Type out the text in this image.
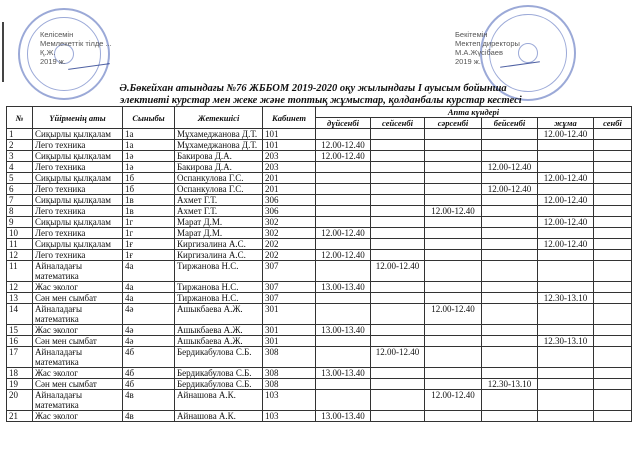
Келісемін
Мемлекеттік тілде ...
Қ.Ж.
2019 ж.
Бекітемін
Мектеп директоры
М.А.Жүсібаев
2019 ж.
Ә.Бөкейхан атындағы №76 ЖББОМ 2019-2020 оқу жылындағы I ауысым бойынша
элективті курстар мен жеке және топтық жұмыстар, қолданбалы курстар кестесі
№	Үйірменің аты	Сыныбы	Жетекшісі	Кабинет	Апта күндері					
					дүйсенбі	сейсенбі	сәрсенбі	бейсенбі	жұма	сенбі
1	Сиқырлы қылқалам	1а	Мұхамеджанова Д.Т.	101					12.00-12.40	
2	Лего техника	1а	Мұхамеджанова Д.Т.	101	12.00-12.40					
3	Сиқырлы қылқалам	1ә	Бакирова Д.А.	203	12.00-12.40					
4	Лего техника	1ә	Бакирова Д.А.	203				12.00-12.40		
5	Сиқырлы қылқалам	1б	Оспанкулова Г.С.	201					12.00-12.40	
6	Лего техника	1б	Оспанкулова Г.С.	201				12.00-12.40		
7	Сиқырлы қылқалам	1в	Ахмет Г.Т.	306					12.00-12.40	
8	Лего техника	1в	Ахмет Г.Т.	306			12.00-12.40			
9	Сиқырлы қылқалам	1г	Марат Д.М.	302					12.00-12.40	
10	Лего техника	1г	Марат Д.М.	302	12.00-12.40					
11	Сиқырлы қылқалам	1ғ	Киргизалина А.С.	202					12.00-12.40	
12	Лего техника	1ғ	Киргизалина А.С.	202	12.00-12.40					
11	Айналадағы математика	4а	Тиржанова Н.С.	307		12.00-12.40				
12	Жас эколог	4а	Тиржанова Н.С.	307	13.00-13.40					
13	Сән мен сымбат	4а	Тиржанова Н.С.	307					12.30-13.10	
14	Айналадағы математика	4ә	Ашыкбаева А.Ж.	301			12.00-12.40			
15	Жас эколог	4ә	Ашыкбаева А.Ж.	301	13.00-13.40					
16	Сән мен сымбат	4ә	Ашыкбаева А.Ж.	301					12.30-13.10	
17	Айналадағы математика	4б	Бердикабулова С.Б.	308		12.00-12.40				
18	Жас эколог	4б	Бердикабулова С.Б.	308	13.00-13.40					
19	Сән мен сымбат	4б	Бердикабулова С.Б.	308				12.30-13.10		
20	Айналадағы математика	4в	Айнашова А.К.	103			12.00-12.40			
21	Жас эколог	4в	Айнашова А.К.	103	13.00-13.40					
